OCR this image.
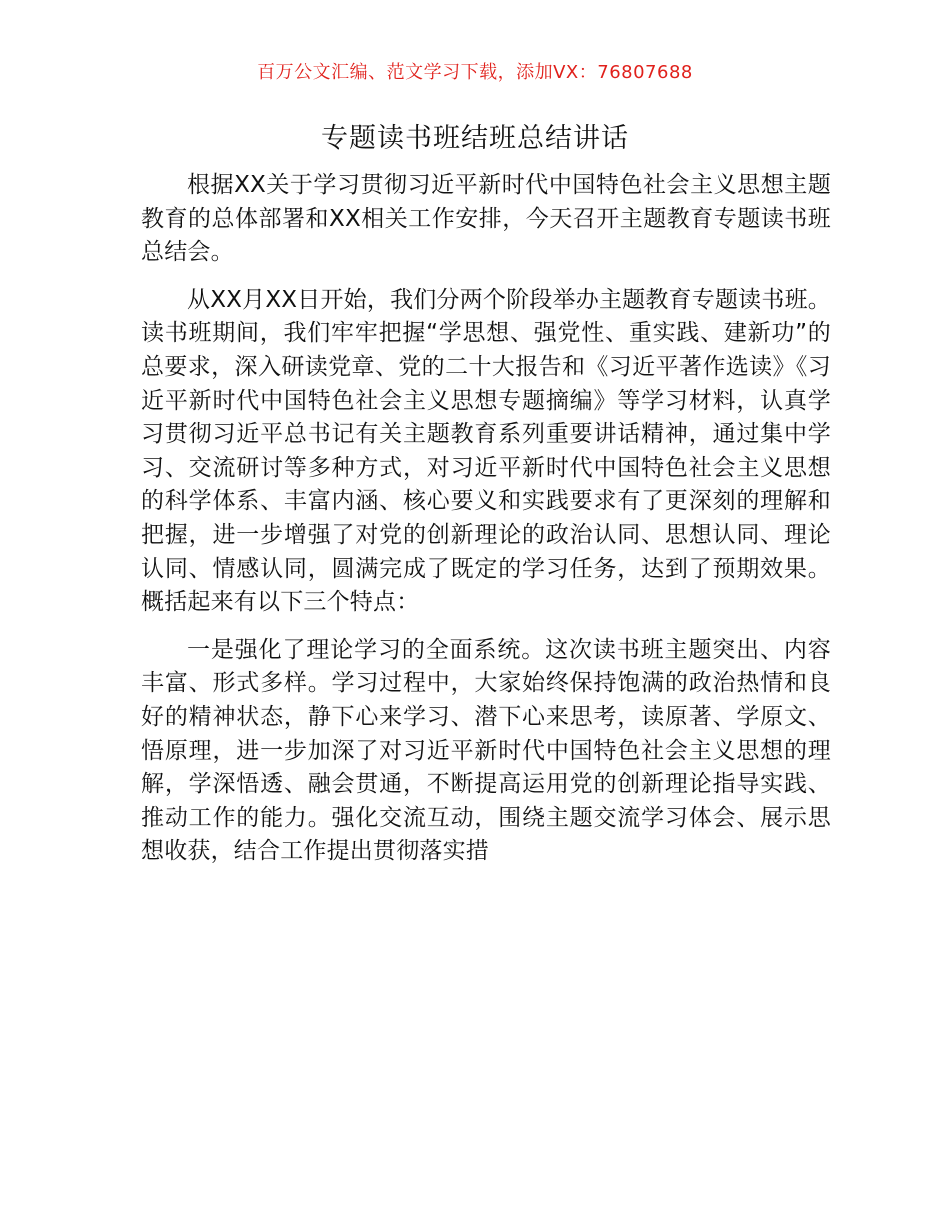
百万公文汇编、范文学习下载，添加VX：76807688
专题读书班结班总结讲话

根据XX关于学习贯彻习近平新时代中国特色社会主义思想主题教育的总体部署和XX相关工作安排，今天召开主题教育专题读书班总结会。

从XX月XX日开始，我们分两个阶段举办主题教育专题读书班。读书班期间，我们牢牢把握“学思想、强党性、重实践、建新功”的总要求，深入研读党章、党的二十大报告和《习近平著作选读》《习近平新时代中国特色社会主义思想专题摘编》等学习材料，认真学习贯彻习近平总书记有关主题教育系列重要讲话精神，通过集中学习、交流研讨等多种方式，对习近平新时代中国特色社会主义思想的科学体系、丰富内涵、核心要义和实践要求有了更深刻的理解和把握，进一步增强了对党的创新理论的政治认同、思想认同、理论认同、情感认同，圆满完成了既定的学习任务，达到了预期效果。概括起来有以下三个特点：

一是强化了理论学习的全面系统。这次读书班主题突出、内容丰富、形式多样。学习过程中，大家始终保持饱满的政治热情和良好的精神状态，静下心来学习、潜下心来思考，读原著、学原文、悟原理，进一步加深了对习近平新时代中国特色社会主义思想的理解，学深悟透、融会贯通，不断提高运用党的创新理论指导实践、推动工作的能力。强化交流互动，围绕主题交流学习体会、展示思想收获，结合工作提出贯彻落实措
